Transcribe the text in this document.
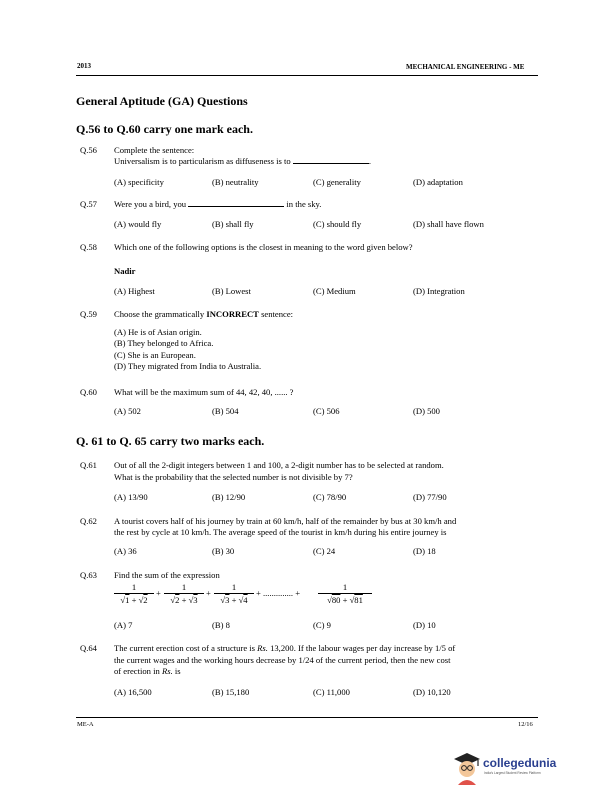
2013	MECHANICAL ENGINEERING - ME
General Aptitude (GA) Questions
Q.56 to Q.60 carry one mark each.
Q.56 Complete the sentence:
Universalism is to particularism as diffuseness is to	.
(A) specificity	(B) neutrality	(C) generality	(D) adaptation
Q.57 Were you a bird, you	in the sky.
(A) would fly	(B) shall fly	(C) should fly	(D) shall have flown
Q.58 Which one of the following options is the closest in meaning to the word given below?
Nadir
(A) Highest	(B) Lowest	(C) Medium	(D) Integration
Q.59 Choose the grammatically INCORRECT sentence:
(A) He is of Asian origin.
(B) They belonged to Africa.
(C) She is an European.
(D) They migrated from India to Australia.
Q.60 What will be the maximum sum of 44, 42, 40, ...... ?
(A) 502	(B) 504	(C) 506	(D) 500
Q. 61 to Q. 65 carry two marks each.
Q.61 Out of all the 2-digit integers between 1 and 100, a 2-digit number has to be selected at random.
What is the probability that the selected number is not divisible by 7?
(A) 13/90	(B) 12/90	(C) 78/90	(D) 77/90
Q.62 A tourist covers half of his journey by train at 60 km/h, half of the remainder by bus at 30 km/h and
the rest by cycle at 10 km/h. The average speed of the tourist in km/h during his entire journey is
(A) 36	(B) 30	(C) 24	(D) 18
Q.63 Find the sum of the expression
$\frac{1}{√1 + √2} + \frac{1}{√2 + √3} + \frac{1}{√3 + √4}$ + .............. + $\frac{1}{√80 + √81}$
(A) 7	(B) 8	(C) 9	(D) 10
Q.64 The current erection cost of a structure is Rs. 13,200. If the labour wages per day increase by 1/5 of
the current wages and the working hours decrease by 1/24 of the current period, then the new cost
of erection in Rs. is
(A) 16,500	(B) 15,180	(C) 11,000	(D) 10,120
ME-A	12/16
collegedunia
India's Largest Student Review Platform
